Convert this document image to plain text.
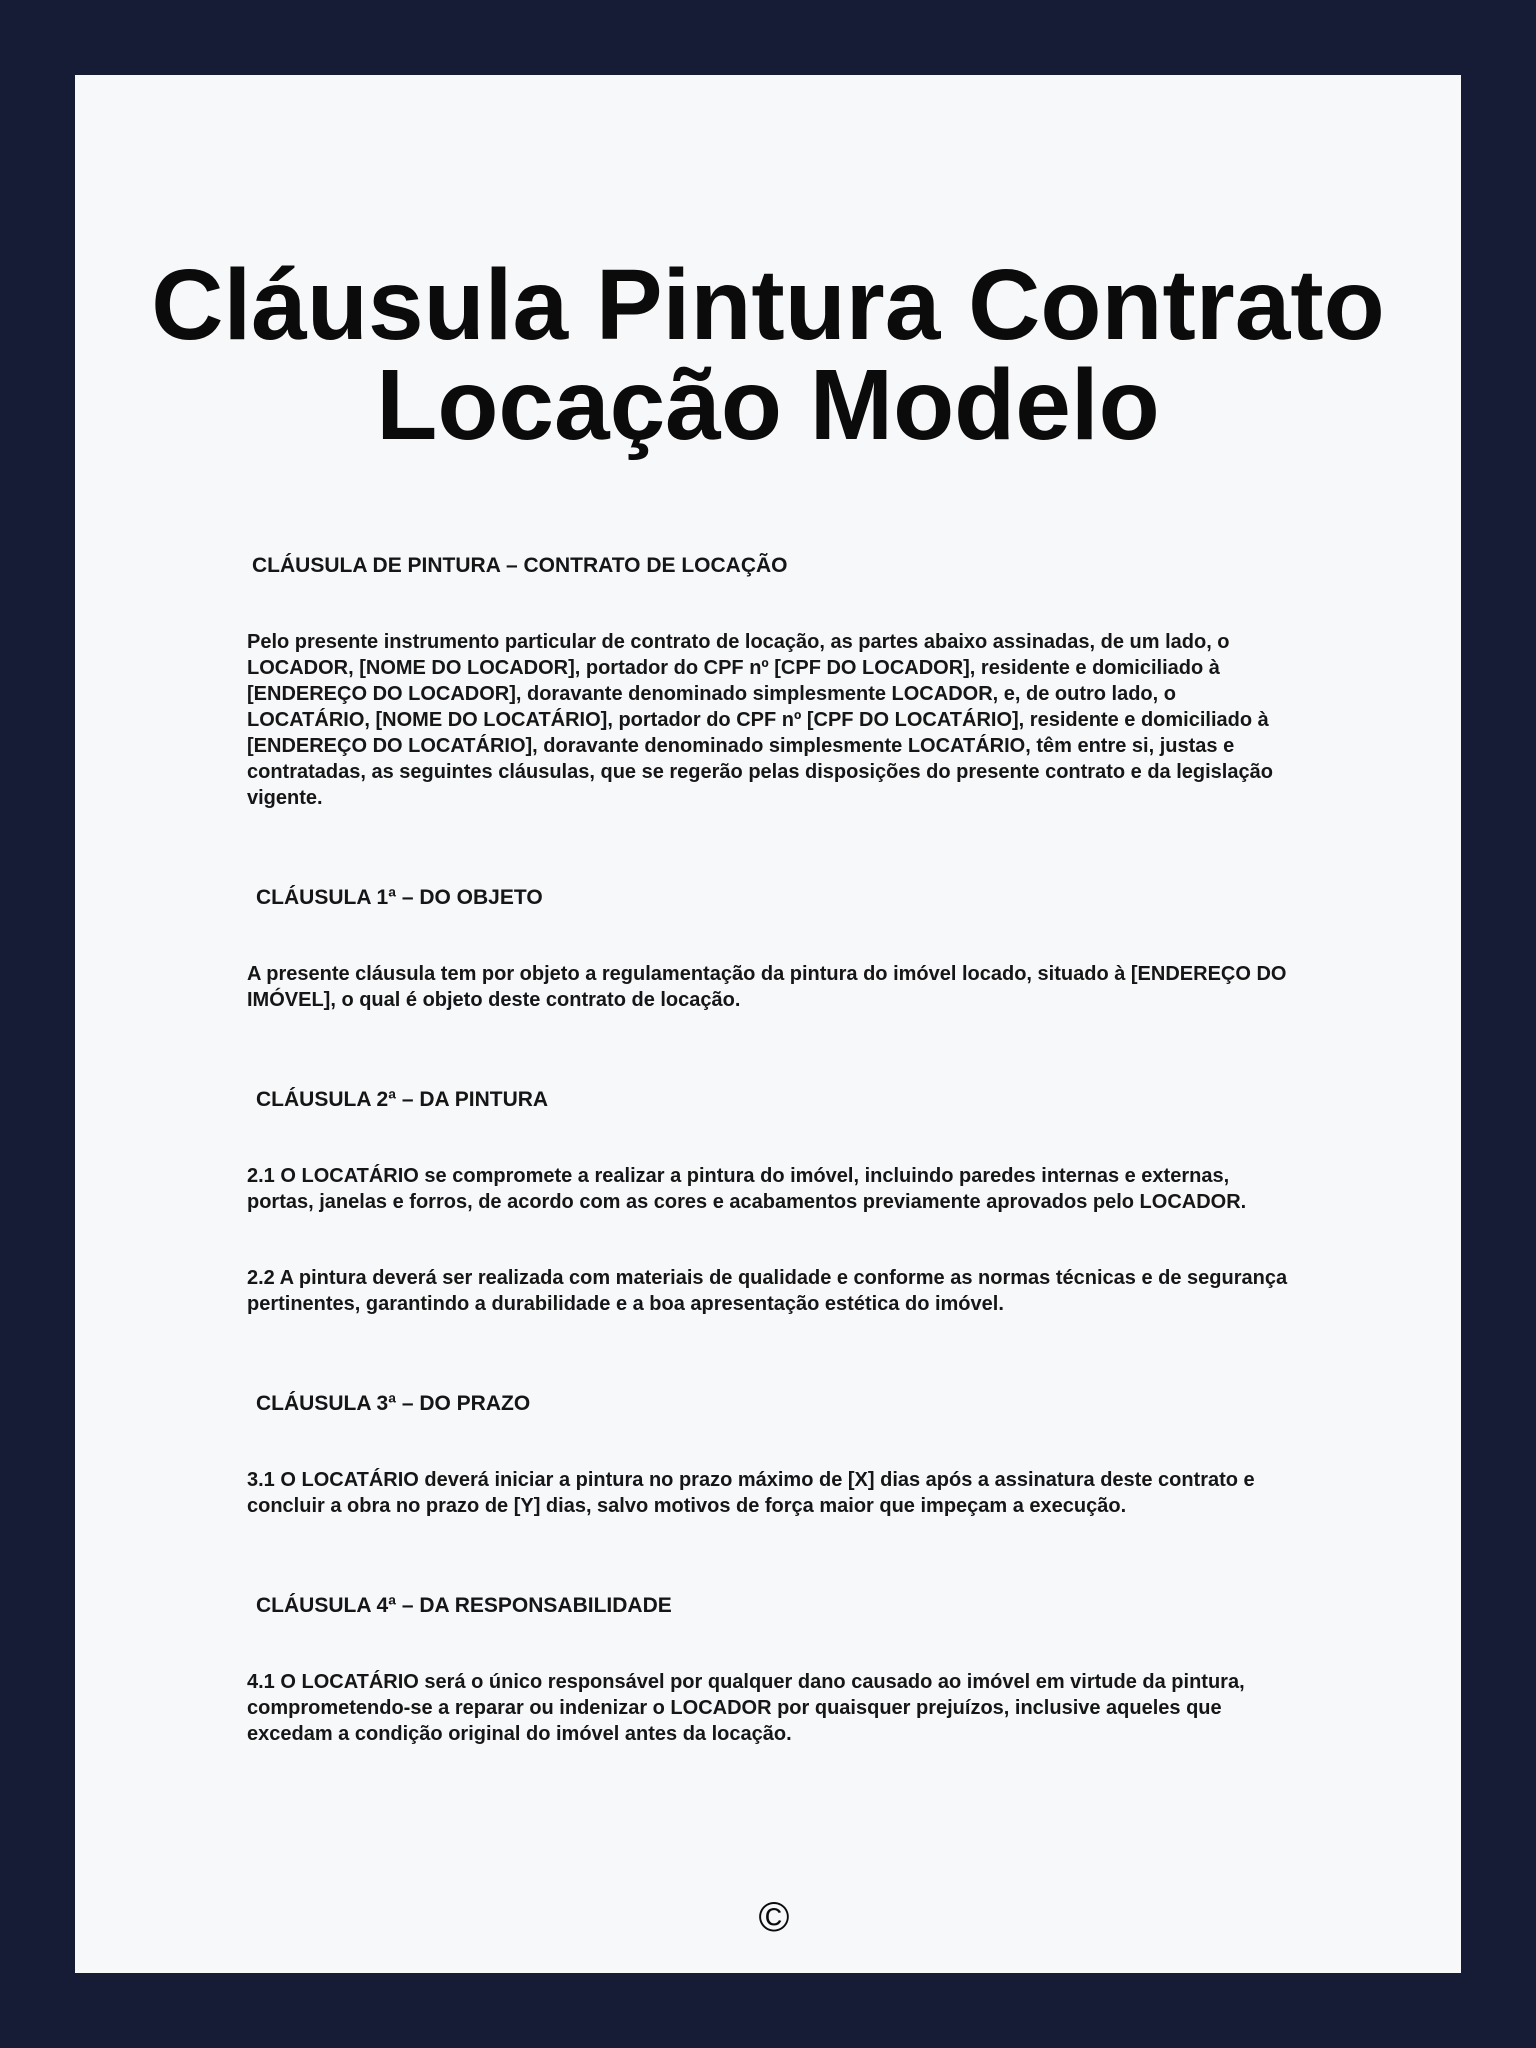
Cláusula Pintura Contrato
Locação Modelo
CLÁUSULA DE PINTURA – CONTRATO DE LOCAÇÃO

Pelo presente instrumento particular de contrato de locação, as partes abaixo assinadas, de um lado, o LOCADOR, [NOME DO LOCADOR], portador do CPF nº [CPF DO LOCADOR], residente e domiciliado à [ENDEREÇO DO LOCADOR], doravante denominado simplesmente LOCADOR, e, de outro lado, o LOCATÁRIO, [NOME DO LOCATÁRIO], portador do CPF nº [CPF DO LOCATÁRIO], residente e domiciliado à [ENDEREÇO DO LOCATÁRIO], doravante denominado simplesmente LOCATÁRIO, têm entre si, justas e contratadas, as seguintes cláusulas, que se regerão pelas disposições do presente contrato e da legislação vigente.

CLÁUSULA 1ª – DO OBJETO

A presente cláusula tem por objeto a regulamentação da pintura do imóvel locado, situado à [ENDEREÇO DO IMÓVEL], o qual é objeto deste contrato de locação.

CLÁUSULA 2ª – DA PINTURA

2.1 O LOCATÁRIO se compromete a realizar a pintura do imóvel, incluindo paredes internas e externas, portas, janelas e forros, de acordo com as cores e acabamentos previamente aprovados pelo LOCADOR.

2.2 A pintura deverá ser realizada com materiais de qualidade e conforme as normas técnicas e de segurança pertinentes, garantindo a durabilidade e a boa apresentação estética do imóvel.

CLÁUSULA 3ª – DO PRAZO

3.1 O LOCATÁRIO deverá iniciar a pintura no prazo máximo de [X] dias após a assinatura deste contrato e concluir a obra no prazo de [Y] dias, salvo motivos de força maior que impeçam a execução.

CLÁUSULA 4ª – DA RESPONSABILIDADE

4.1 O LOCATÁRIO será o único responsável por qualquer dano causado ao imóvel em virtude da pintura, comprometendo-se a reparar ou indenizar o LOCADOR por quaisquer prejuízos, inclusive aqueles que excedam a condição original do imóvel antes da locação.

©
